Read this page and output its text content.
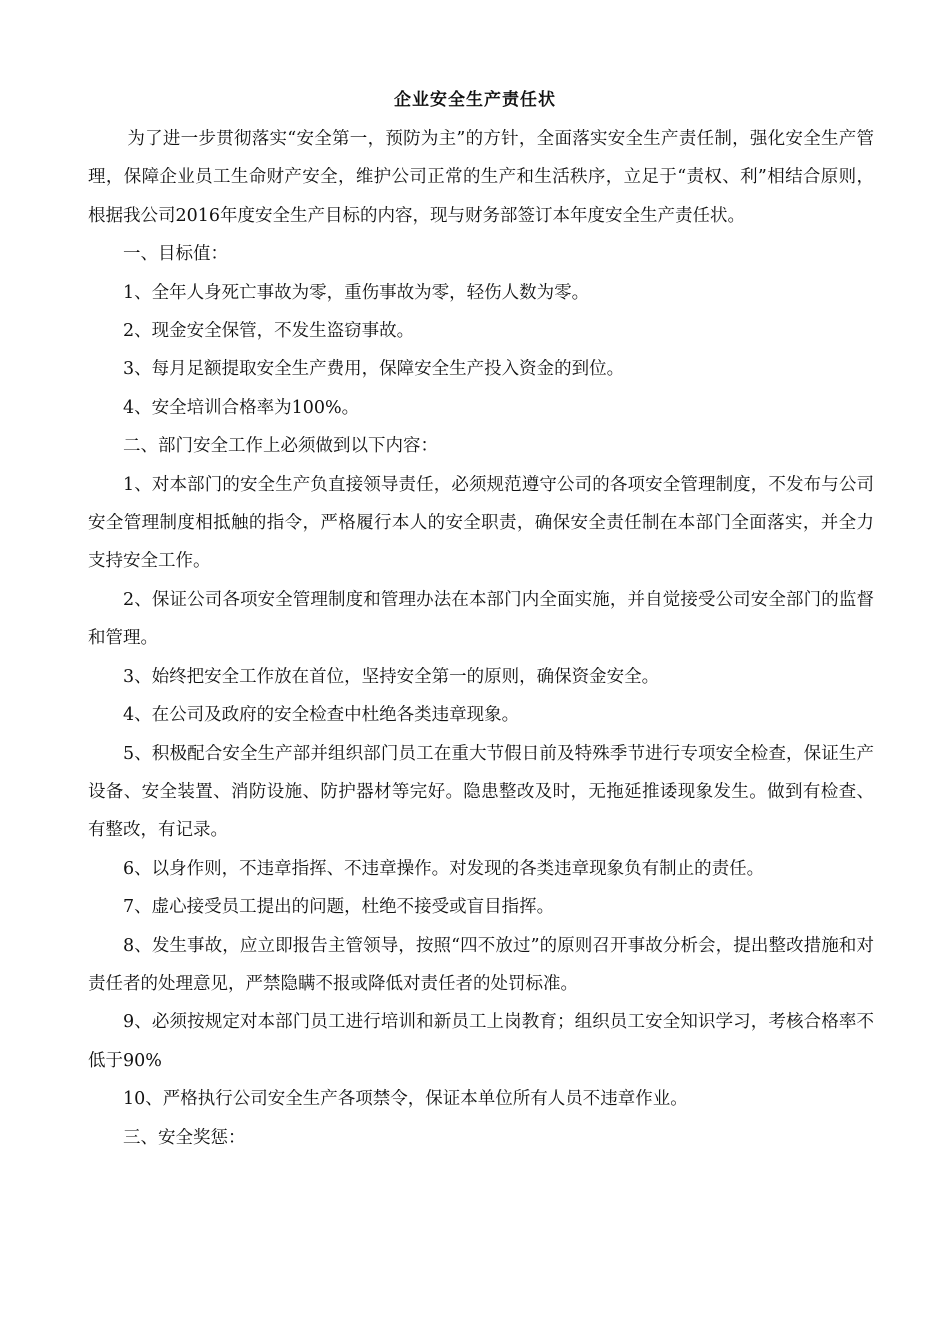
企业安全生产责任状

为了进一步贯彻落实“安全第一，预防为主”的方针，全面落实安全生产责任制，强化安全生产管理，保障企业员工生命财产安全，维护公司正常的生产和生活秩序，立足于“责权、利”相结合原则，根据我公司2016年度安全生产目标的内容，现与财务部签订本年度安全生产责任状。

一、目标值：

1、全年人身死亡事故为零，重伤事故为零，轻伤人数为零。

2、现金安全保管，不发生盗窃事故。

3、每月足额提取安全生产费用，保障安全生产投入资金的到位。

4、安全培训合格率为100%。

二、部门安全工作上必须做到以下内容：

1、对本部门的安全生产负直接领导责任，必须规范遵守公司的各项安全管理制度，不发布与公司安全管理制度相抵触的指令，严格履行本人的安全职责，确保安全责任制在本部门全面落实，并全力支持安全工作。

2、保证公司各项安全管理制度和管理办法在本部门内全面实施，并自觉接受公司安全部门的监督和管理。

3、始终把安全工作放在首位，坚持安全第一的原则，确保资金安全。

4、在公司及政府的安全检查中杜绝各类违章现象。

5、积极配合安全生产部并组织部门员工在重大节假日前及特殊季节进行专项安全检查，保证生产设备、安全装置、消防设施、防护器材等完好。隐患整改及时，无拖延推诿现象发生。做到有检查、有整改，有记录。

6、以身作则，不违章指挥、不违章操作。对发现的各类违章现象负有制止的责任。

7、虚心接受员工提出的问题，杜绝不接受或盲目指挥。

8、发生事故，应立即报告主管领导，按照“四不放过”的原则召开事故分析会，提出整改措施和对责任者的处理意见，严禁隐瞒不报或降低对责任者的处罚标准。

9、必须按规定对本部门员工进行培训和新员工上岗教育；组织员工安全知识学习，考核合格率不低于90%

10、严格执行公司安全生产各项禁令，保证本单位所有人员不违章作业。

三、安全奖惩：
